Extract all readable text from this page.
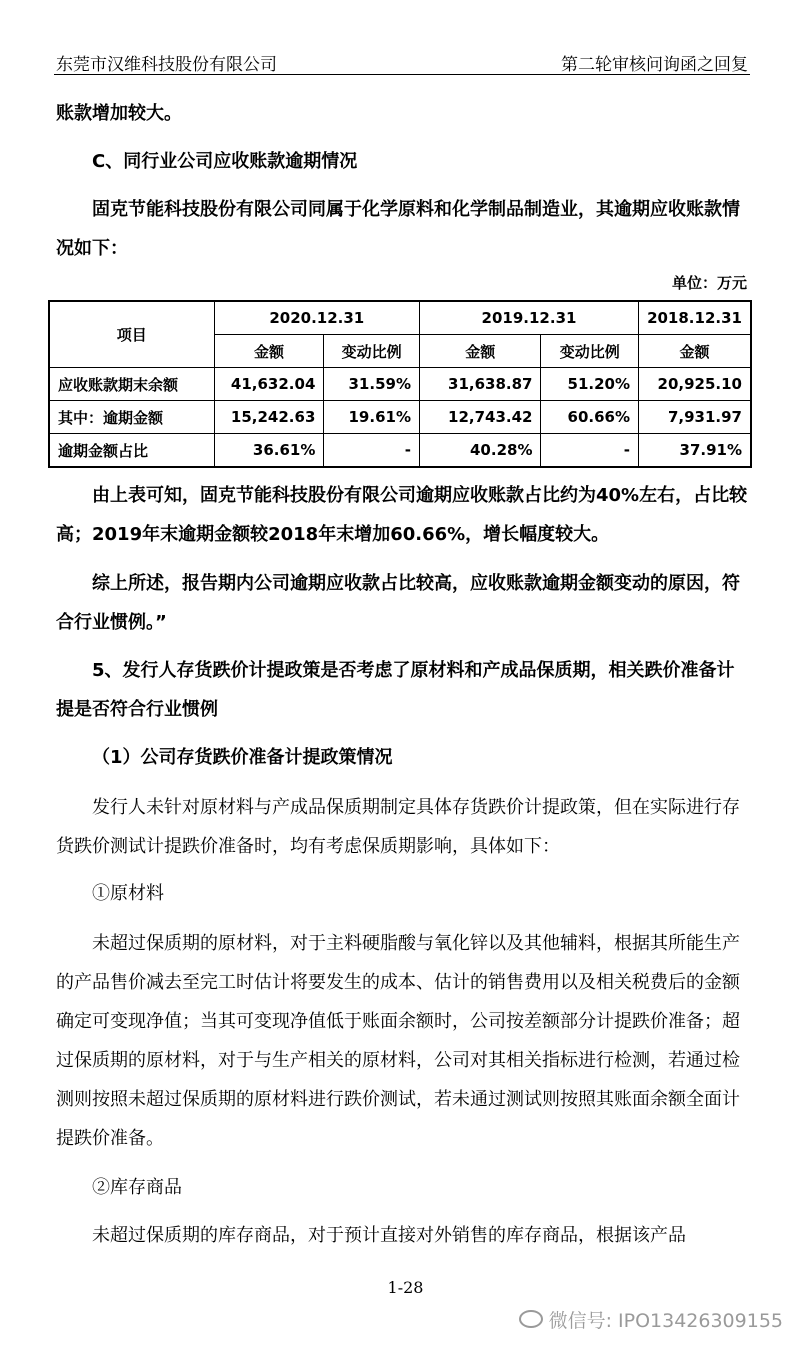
东莞市汉维科技股份有限公司	第二轮审核问询函之回复

账款增加较大。

C、同行业公司应收账款逾期情况

固克节能科技股份有限公司同属于化学原料和化学制品制造业，其逾期应收账款情况如下：

单位：万元
项目	2020.12.31		2019.12.31		2018.12.31
	金额	变动比例	金额	变动比例	金额
应收账款期末余额	41,632.04	31.59%	31,638.87	51.20%	20,925.10
其中：逾期金额	15,242.63	19.61%	12,743.42	60.66%	7,931.97
逾期金额占比	36.61%	-	40.28%	-	37.91%

由上表可知，固克节能科技股份有限公司逾期应收账款占比约为40%左右，占比较高；2019年末逾期金额较2018年末增加60.66%，增长幅度较大。

综上所述，报告期内公司逾期应收款占比较高，应收账款逾期金额变动的原因，符合行业惯例。”

5、发行人存货跌价计提政策是否考虑了原材料和产成品保质期，相关跌价准备计提是否符合行业惯例

（1）公司存货跌价准备计提政策情况

发行人未针对原材料与产成品保质期制定具体存货跌价计提政策，但在实际进行存货跌价测试计提跌价准备时，均有考虑保质期影响，具体如下：

①原材料

未超过保质期的原材料，对于主料硬脂酸与氧化锌以及其他辅料，根据其所能生产的产品售价减去至完工时估计将要发生的成本、估计的销售费用以及相关税费后的金额确定可变现净值；当其可变现净值低于账面余额时，公司按差额部分计提跌价准备；超过保质期的原材料，对于与生产相关的原材料，公司对其相关指标进行检测，若通过检测则按照未超过保质期的原材料进行跌价测试，若未通过测试则按照其账面余额全面计提跌价准备。

②库存商品

未超过保质期的库存商品，对于预计直接对外销售的库存商品，根据该产品

1-28
微信号: IPO13426309155
